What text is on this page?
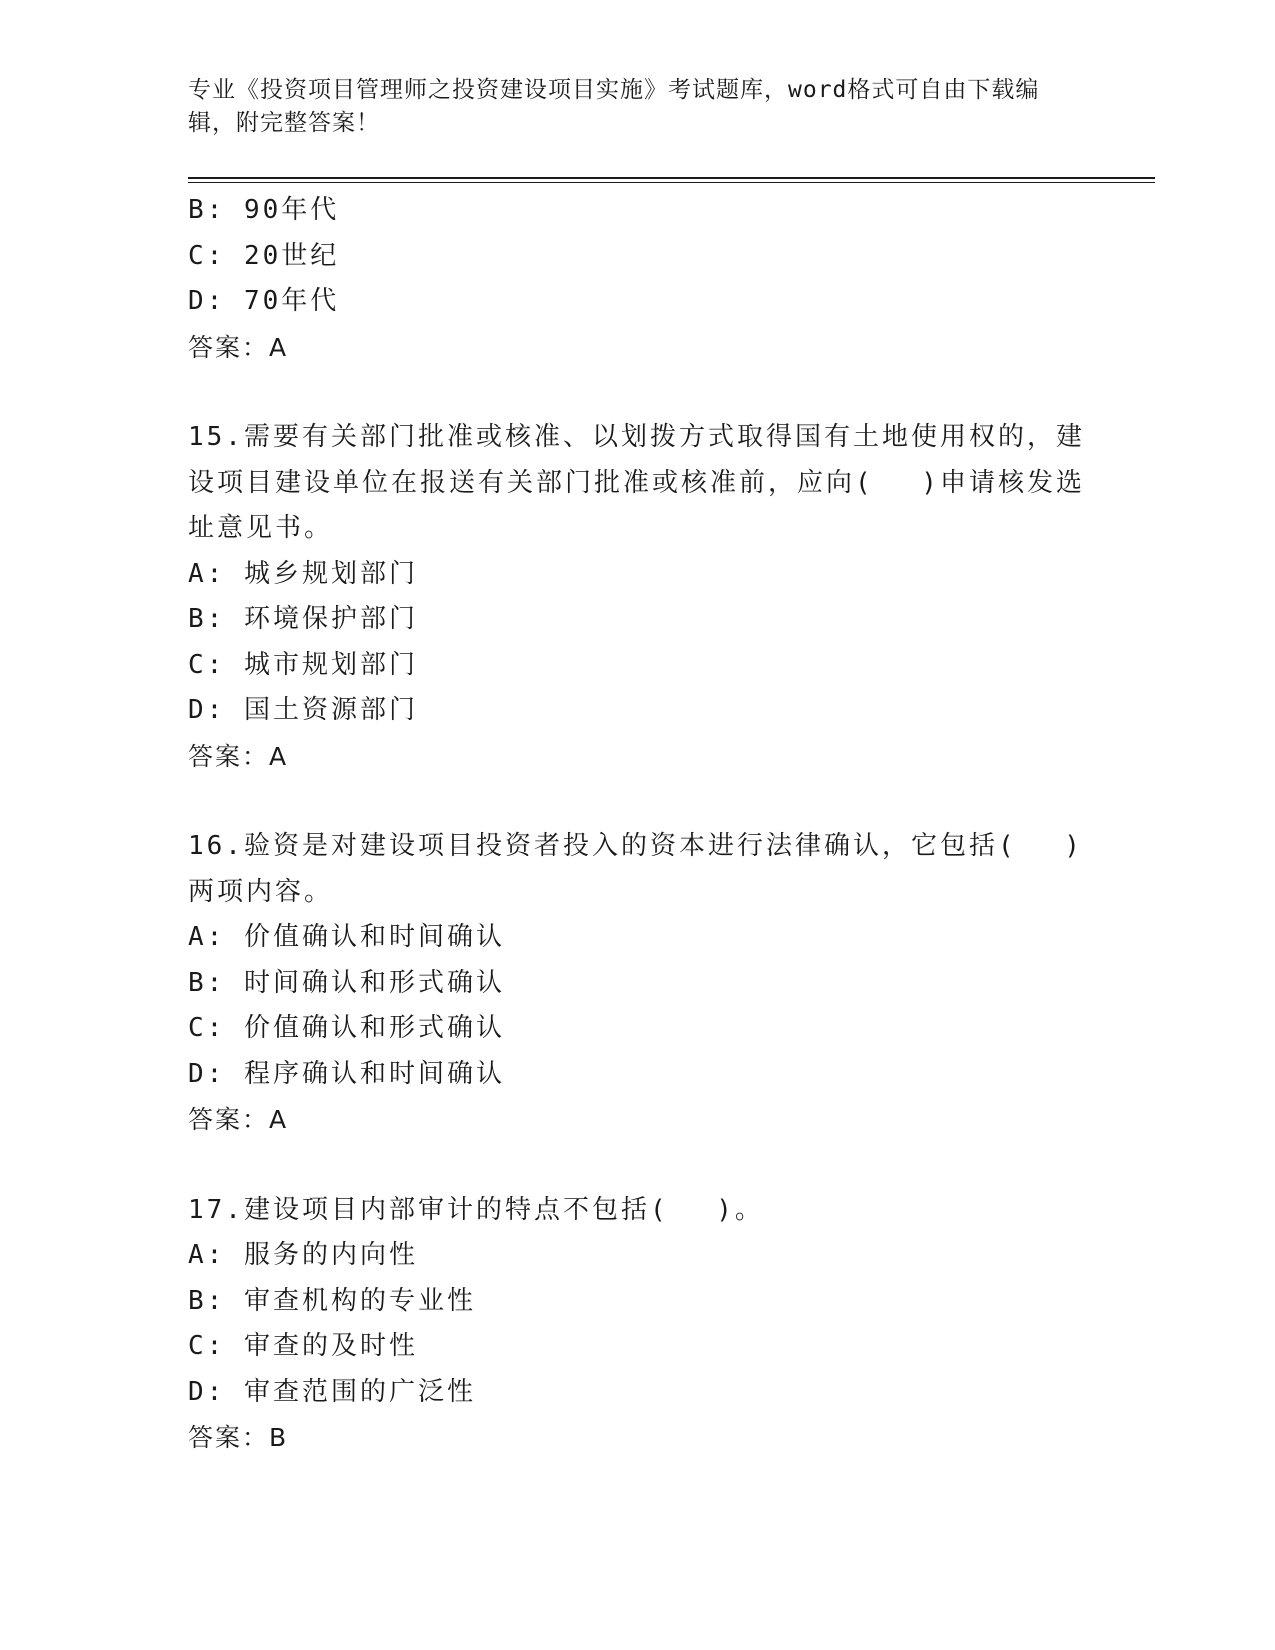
专业《投资项目管理师之投资建设项目实施》考试题库，word格式可自由下载编
辑，附完整答案！
B: 90年代
C: 20世纪
D: 70年代
答案：A
15.需要有关部门批准或核准、以划拨方式取得国有土地使用权的，建
设项目建设单位在报送有关部门批准或核准前，应向(　 )申请核发选
址意见书。
A: 城乡规划部门
B: 环境保护部门
C: 城市规划部门
D: 国土资源部门
答案：A
16.验资是对建设项目投资者投入的资本进行法律确认，它包括(　 )
两项内容。
A: 价值确认和时间确认
B: 时间确认和形式确认
C: 价值确认和形式确认
D: 程序确认和时间确认
答案：A
17.建设项目内部审计的特点不包括(　 )。
A: 服务的内向性
B: 审查机构的专业性
C: 审查的及时性
D: 审查范围的广泛性
答案：B
